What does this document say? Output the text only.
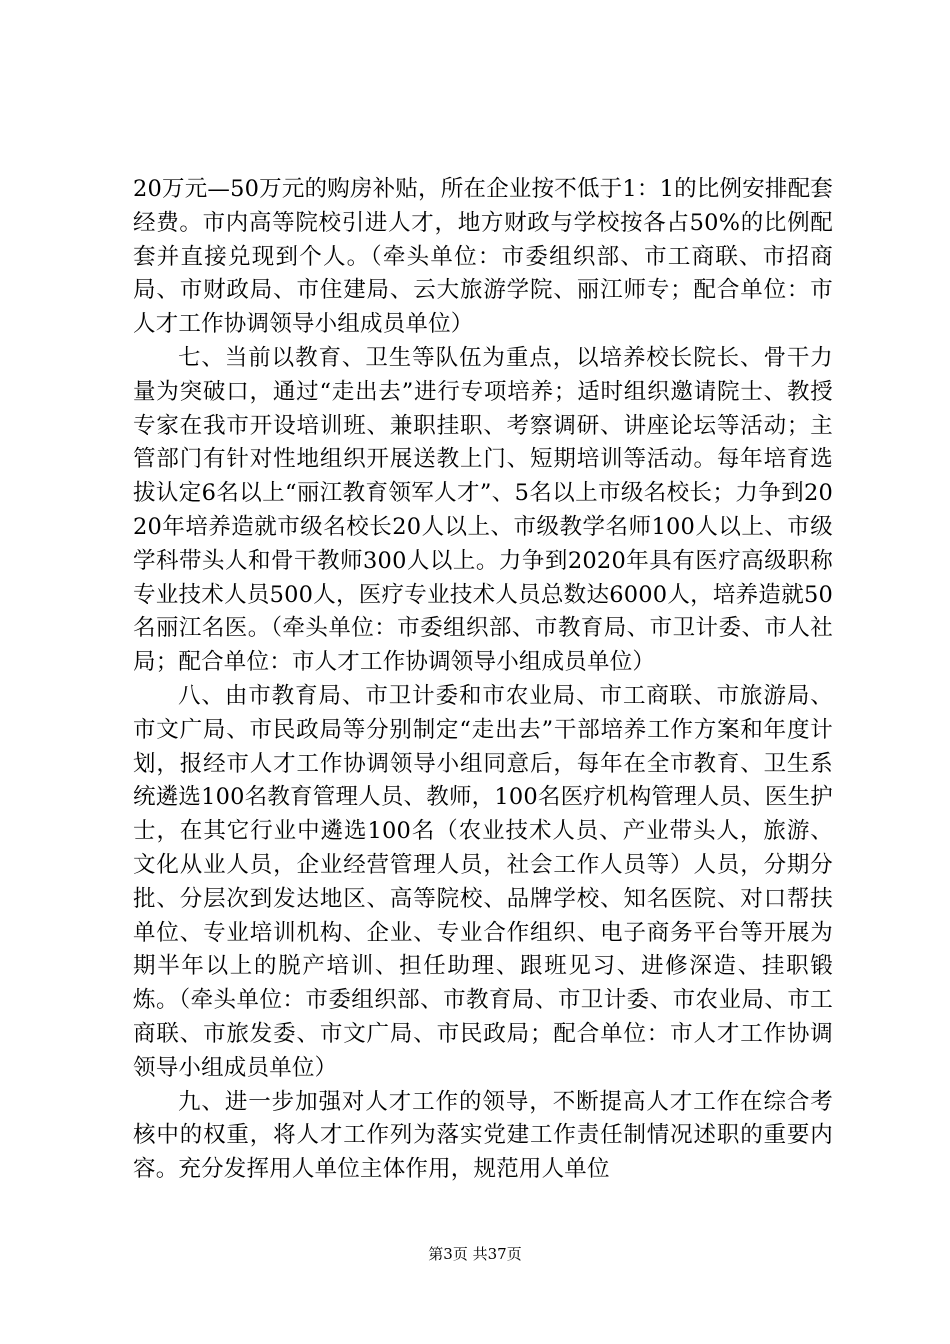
20万元—50万元的购房补贴，所在企业按不低于1：1的比例安排配套经费。市内高等院校引进人才，地方财政与学校按各占50%的比例配套并直接兑现到个人。（牵头单位：市委组织部、市工商联、市招商局、市财政局、市住建局、云大旅游学院、丽江师专；配合单位：市人才工作协调领导小组成员单位）

七、当前以教育、卫生等队伍为重点，以培养校长院长、骨干力量为突破口，通过“走出去”进行专项培养；适时组织邀请院士、教授专家在我市开设培训班、兼职挂职、考察调研、讲座论坛等活动；主管部门有针对性地组织开展送教上门、短期培训等活动。每年培育选拔认定6名以上“丽江教育领军人才”、5名以上市级名校长；力争到2020年培养造就市级名校长20人以上、市级教学名师100人以上、市级学科带头人和骨干教师300人以上。力争到2020年具有医疗高级职称专业技术人员500人，医疗专业技术人员总数达6000人，培养造就50名丽江名医。（牵头单位：市委组织部、市教育局、市卫计委、市人社局；配合单位：市人才工作协调领导小组成员单位）

八、由市教育局、市卫计委和市农业局、市工商联、市旅游局、市文广局、市民政局等分别制定“走出去”干部培养工作方案和年度计划，报经市人才工作协调领导小组同意后，每年在全市教育、卫生系统遴选100名教育管理人员、教师，100名医疗机构管理人员、医生护士，在其它行业中遴选100名（农业技术人员、产业带头人，旅游、文化从业人员，企业经营管理人员，社会工作人员等）人员，分期分批、分层次到发达地区、高等院校、品牌学校、知名医院、对口帮扶单位、专业培训机构、企业、专业合作组织、电子商务平台等开展为期半年以上的脱产培训、担任助理、跟班见习、进修深造、挂职锻炼。（牵头单位：市委组织部、市教育局、市卫计委、市农业局、市工商联、市旅发委、市文广局、市民政局；配合单位：市人才工作协调领导小组成员单位）

九、进一步加强对人才工作的领导，不断提高人才工作在综合考核中的权重，将人才工作列为落实党建工作责任制情况述职的重要内容。充分发挥用人单位主体作用，规范用人单位

第3页 共37页
